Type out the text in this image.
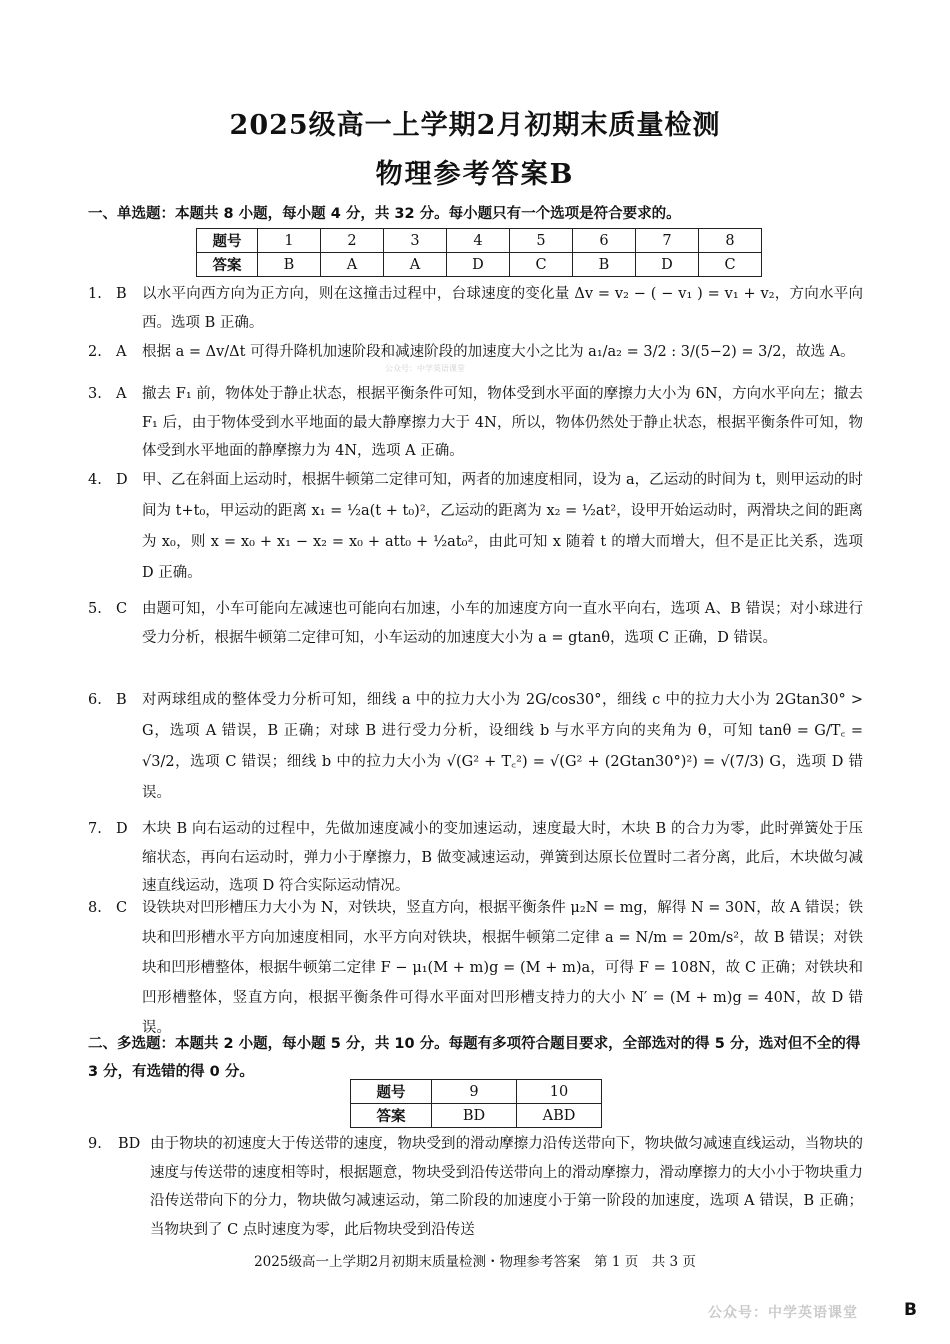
2025级高一上学期2月初期末质量检测
物理参考答案B
一、单选题：本题共 8 小题，每小题 4 分，共 32 分。每小题只有一个选项是符合要求的。
题号	1	2	3	4	5	6	7	8
答案	B	A	A	D	C	B	D	C
1. B 以水平向西方向为正方向，则在这撞击过程中，台球速度的变化量 Δv = v₂ − ( − v₁ ) = v₁ + v₂，方向水平向西。选项 B 正确。
2. A 根据 a = Δv/Δt 可得升降机加速阶段和减速阶段的加速度大小之比为 a₁/a₂ = 3/2 : 3/(5−2) = 3/2，故选 A。
3. A 撤去 F₁ 前，物体处于静止状态，根据平衡条件可知，物体受到水平面的摩擦力大小为 6N，方向水平向左；撤去 F₁ 后，由于物体受到水平地面的最大静摩擦力大于 4N，所以，物体仍然处于静止状态，根据平衡条件可知，物体受到水平地面的静摩擦力为 4N，选项 A 正确。
4. D 甲、乙在斜面上运动时，根据牛顿第二定律可知，两者的加速度相同，设为 a，乙运动的时间为 t，则甲运动的时间为 t+t₀，甲运动的距离 x₁ = ½a(t + t₀)²，乙运动的距离为 x₂ = ½at²，设甲开始运动时，两滑块之间的距离为 x₀，则 x = x₀ + x₁ − x₂ = x₀ + att₀ + ½at₀²，由此可知 x 随着 t 的增大而增大，但不是正比关系，选项 D 正确。
5. C 由题可知，小车可能向左减速也可能向右加速，小车的加速度方向一直水平向右，选项 A、B 错误；对小球进行受力分析，根据牛顿第二定律可知，小车运动的加速度大小为 a = gtanθ，选项 C 正确，D 错误。
6. B 对两球组成的整体受力分析可知，细线 a 中的拉力大小为 2G/cos30°，细线 c 中的拉力大小为 2Gtan30° > G，选项 A 错误，B 正确；对球 B 进行受力分析，设细线 b 与水平方向的夹角为 θ，可知 tanθ = G/T꜀ = √3/2，选项 C 错误；细线 b 中的拉力大小为 √(G² + T꜀²) = √(G² + (2Gtan30°)²) = √(7/3) G，选项 D 错误。
7. D 木块 B 向右运动的过程中，先做加速度减小的变加速运动，速度最大时，木块 B 的合力为零，此时弹簧处于压缩状态，再向右运动时，弹力小于摩擦力，B 做变减速运动，弹簧到达原长位置时二者分离，此后，木块做匀减速直线运动，选项 D 符合实际运动情况。
8. C 设铁块对凹形槽压力大小为 N，对铁块，竖直方向，根据平衡条件 μ₂N = mg，解得 N = 30N，故 A 错误；铁块和凹形槽水平方向加速度相同，水平方向对铁块，根据牛顿第二定律 a = N/m = 20m/s²，故 B 错误；对铁块和凹形槽整体，根据牛顿第二定律 F − μ₁(M + m)g = (M + m)a，可得 F = 108N，故 C 正确；对铁块和凹形槽整体，竖直方向，根据平衡条件可得水平面对凹形槽支持力的大小 N′ = (M + m)g = 40N，故 D 错误。
二、多选题：本题共 2 小题，每小题 5 分，共 10 分。每题有多项符合题目要求，全部选对的得 5 分，选对但不全的得 3 分，有选错的得 0 分。
题号	9	10
答案	BD	ABD
9. BD 由于物块的初速度大于传送带的速度，物块受到的滑动摩擦力沿传送带向下，物块做匀减速直线运动，当物块的速度与传送带的速度相等时，根据题意，物块受到沿传送带向上的滑动摩擦力，滑动摩擦力的大小小于物块重力沿传送带向下的分力，物块做匀减速运动，第二阶段的加速度小于第一阶段的加速度，选项 A 错误，B 正确；当物块到了 C 点时速度为零，此后物块受到沿传送
2025级高一上学期2月初期末质量检测・物理参考答案　第 1 页　共 3 页
公众号：中学英语课堂
公众号：中学英语课堂	B
